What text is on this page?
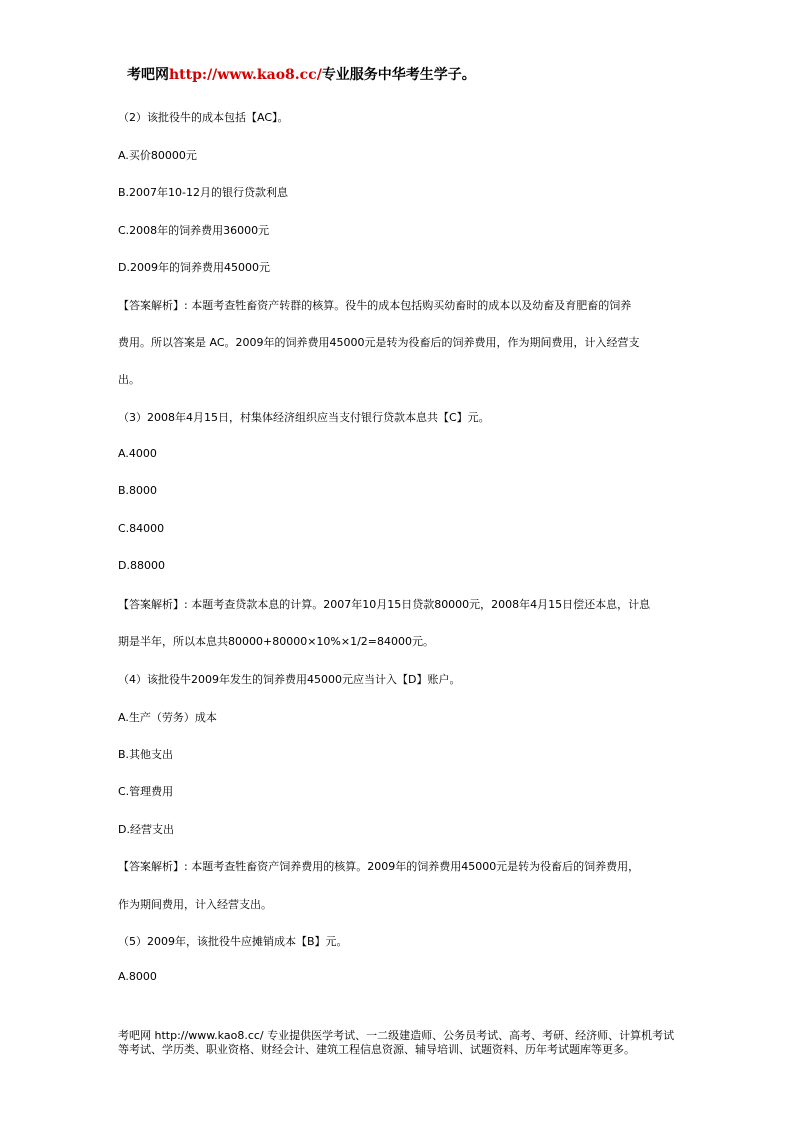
考吧网http://www.kao8.cc/专业服务中华考生学子。
（2）该批役牛的成本包括【AC】。
A.买价80000元
B.2007年10-12月的银行贷款利息
C.2008年的饲养费用36000元
D.2009年的饲养费用45000元
【答案解析】: 本题考查牲畜资产转群的核算。役牛的成本包括购买幼畜时的成本以及幼畜及育肥畜的饲养
费用。所以答案是 AC。2009年的饲养费用45000元是转为役畜后的饲养费用，作为期间费用，计入经营支
出。
（3）2008年4月15日，村集体经济组织应当支付银行贷款本息共【C】元。
A.4000
B.8000
C.84000
D.88000
【答案解析】: 本题考查贷款本息的计算。2007年10月15日贷款80000元，2008年4月15日偿还本息，计息
期是半年，所以本息共80000+80000×10%×1/2=84000元。
（4）该批役牛2009年发生的饲养费用45000元应当计入【D】账户。
A.生产（劳务）成本
B.其他支出
C.管理费用
D.经营支出
【答案解析】: 本题考查牲畜资产饲养费用的核算。2009年的饲养费用45000元是转为役畜后的饲养费用，
作为期间费用，计入经营支出。
（5）2009年，该批役牛应摊销成本【B】元。
A.8000
考吧网 http://www.kao8.cc/ 专业提供医学考试、一二级建造师、公务员考试、高考、考研、经济师、计算机考试等考试、学历类、职业资格、财经会计、建筑工程信息资源、辅导培训、试题资料、历年考试题库等更多。
